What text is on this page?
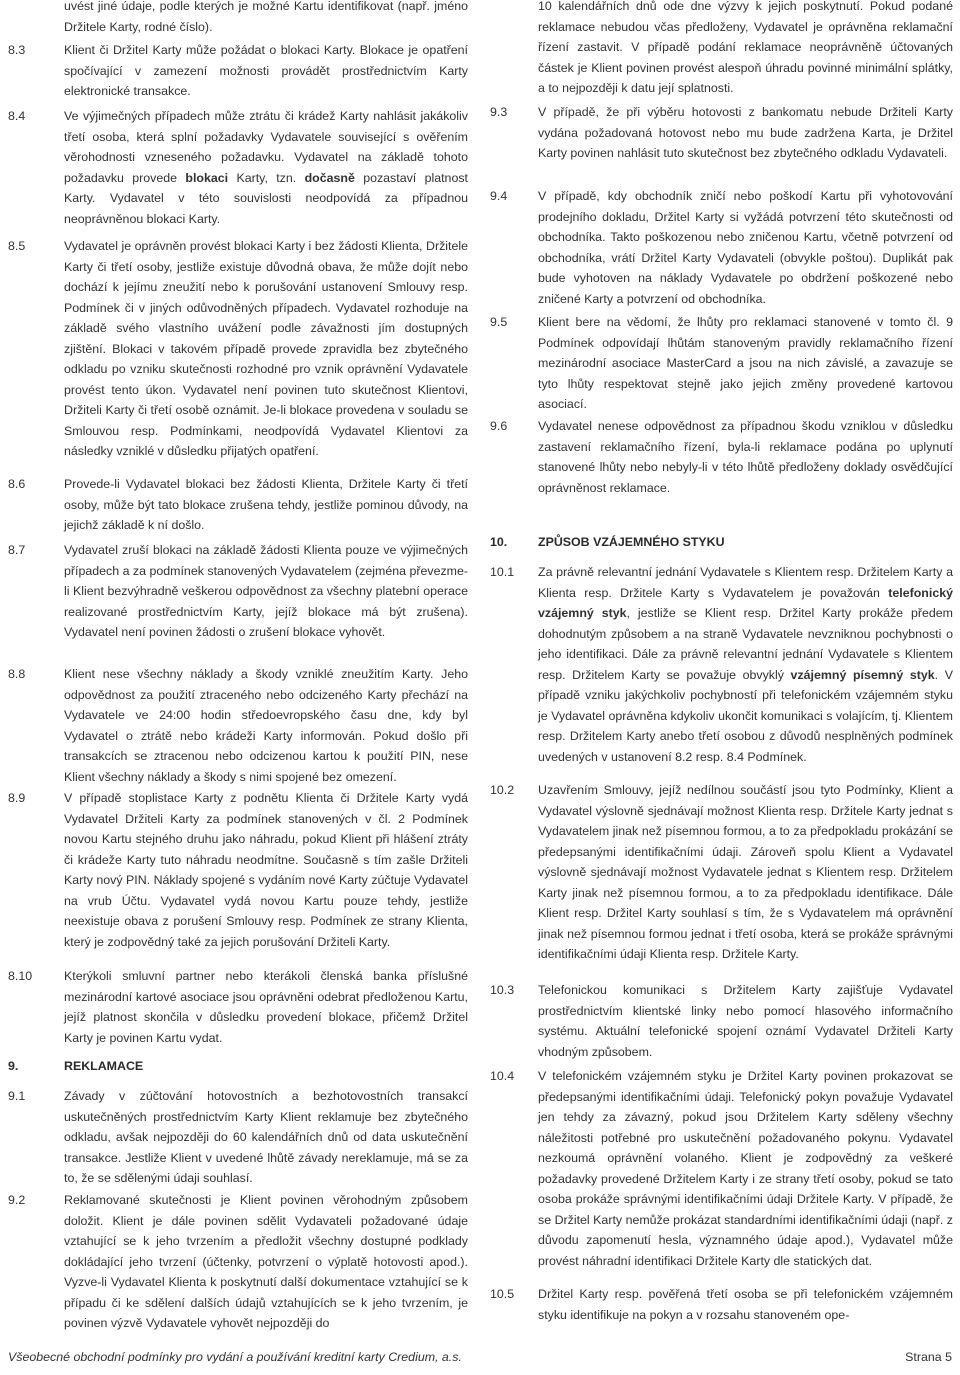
uvést jiné údaje, podle kterých je možné Kartu identifikovat (např. jméno Držitele Karty, rodné číslo).
8.3	Klient či Držitel Karty může požádat o blokaci Karty. Blokace je opatření spočívající v zamezení možnosti provádět prostřednictvím Karty elektronické transakce.
8.4	Ve výjimečných případech může ztrátu či krádež Karty nahlásit jakákoliv třetí osoba, která splní požadavky Vydavatele související s ověřením věrohodnosti vzneseného požadavku. Vydavatel na základě tohoto požadavku provede blokaci Karty, tzn. dočasně pozastaví platnost Karty. Vydavatel v této souvislosti neodpovídá za případnou neoprávněnou blokaci Karty.
8.5	Vydavatel je oprávněn provést blokaci Karty i bez žádosti Klienta, Držitele Karty či třetí osoby, jestliže existuje důvodná obava, že může dojít nebo dochází k jejímu zneužití nebo k porušování ustanovení Smlouvy resp. Podmínek či v jiných odůvodněných případech. Vydavatel rozhoduje na základě svého vlastního uvážení podle závažnosti jím dostupných zjištění. Blokaci v takovém případě provede zpravidla bez zbytečného odkladu po vzniku skutečnosti rozhodné pro vznik oprávnění Vydavatele provést tento úkon. Vydavatel není povinen tuto skutečnost Klientovi, Držiteli Karty či třetí osobě oznámit. Je-li blokace provedena v souladu se Smlouvou resp. Podmínkami, neodpovídá Vydavatel Klientovi za následky vzniklé v důsledku přijatých opatření.
8.6	Provede-li Vydavatel blokaci bez žádosti Klienta, Držitele Karty či třetí osoby, může být tato blokace zrušena tehdy, jestliže pominou důvody, na jejichž základě k ní došlo.
8.7	Vydavatel zruší blokaci na základě žádosti Klienta pouze ve výjimečných případech a za podmínek stanovených Vydavatelem (zejména převezme-li Klient bezvýhradně veškerou odpovědnost za všechny platební operace realizované prostřednictvím Karty, jejíž blokace má být zrušena). Vydavatel není povinen žádosti o zrušení blokace vyhovět.
8.8	Klient nese všechny náklady a škody vzniklé zneužitím Karty. Jeho odpovědnost za použití ztraceného nebo odcizeného Karty přechází na Vydavatele ve 24:00 hodin středoevropského času dne, kdy byl Vydavatel o ztrátě nebo krádeži Karty informován. Pokud došlo při transakcích se ztracenou nebo odcizenou kartou k použití PIN, nese Klient všechny náklady a škody s nimi spojené bez omezení.
8.9	V případě stoplistace Karty z podnětu Klienta či Držitele Karty vydá Vydavatel Držiteli Karty za podmínek stanovených v čl. 2 Podmínek novou Kartu stejného druhu jako náhradu, pokud Klient při hlášení ztráty či krádeže Karty tuto náhradu neodmítne. Současně s tím zašle Držiteli Karty nový PIN. Náklady spojené s vydáním nové Karty zúčtuje Vydavatel na vrub Účtu. Vydavatel vydá novou Kartu pouze tehdy, jestliže neexistuje obava z porušení Smlouvy resp. Podmínek ze strany Klienta, který je zodpovědný také za jejich porušování Držiteli Karty.
8.10	Kterýkoli smluvní partner nebo kterákoli členská banka příslušné mezinárodní kartové asociace jsou oprávněni odebrat předloženou Kartu, jejíž platnost skončila v důsledku provedení blokace, přičemž Držitel Karty je povinen Kartu vydat.
9.	REKLAMACE
9.1	Závady v zúčtování hotovostních a bezhotovostních transakcí uskutečněných prostřednictvím Karty Klient reklamuje bez zbytečného odkladu, avšak nejpozději do 60 kalendářních dnů od data uskutečnění transakce. Jestliže Klient v uvedené lhůtě závady nereklamuje, má se za to, že se sdělenými údaji souhlasí.
9.2	Reklamované skutečnosti je Klient povinen věrohodným způsobem doložit. Klient je dále povinen sdělit Vydavateli požadované údaje vztahující se k jeho tvrzením a předložit všechny dostupné podklady dokládající jeho tvrzení (účtenky, potvrzení o výplatě hotovosti apod.). Vyzve-li Vydavatel Klienta k poskytnutí další dokumentace vztahující se k případu či ke sdělení dalších údajů vztahujících se k jeho tvrzením, je povinen výzvě Vydavatele vyhovět nejpozději do
10 kalendářních dnů ode dne výzvy k jejich poskytnutí. Pokud podané reklamace nebudou včas předloženy, Vydavatel je oprávněna reklamační řízení zastavit. V případě podání reklamace neoprávněně účtovaných částek je Klient povinen provést alespoň úhradu povinné minimální splátky, a to nejpozději k datu její splatnosti.
9.3 V případě, že při výběru hotovosti z bankomatu nebude Držiteli Karty vydána požadovaná hotovost nebo mu bude zadržena Karta, je Držitel Karty povinen nahlásit tuto skutečnost bez zbytečného odkladu Vydavateli.
9.4 V případě, kdy obchodník zničí nebo poškodí Kartu při vyhotovování prodejního dokladu, Držitel Karty si vyžádá potvrzení této skutečnosti od obchodníka. Takto poškozenou nebo zničenou Kartu, včetně potvrzení od obchodníka, vrátí Držitel Karty Vydavateli (obvykle poštou). Duplikát pak bude vyhotoven na náklady Vydavatele po obdržení poškozené nebo zničené Karty a potvrzení od obchodníka.
9.5 Klient bere na vědomí, že lhůty pro reklamaci stanovené v tomto čl. 9 Podmínek odpovídají lhůtám stanoveným pravidly reklamačního řízení mezinárodní asociace MasterCard a jsou na nich závislé, a zavazuje se tyto lhůty respektovat stejně jako jejich změny provedené kartovou asociací.
9.6 Vydavatel nenese odpovědnost za případnou škodu vzniklou v důsledku zastavení reklamačního řízení, byla-li reklamace podána po uplynutí stanovené lhůty nebo nebyly-li v této lhůtě předloženy doklady osvědčující oprávněnost reklamace.
10. ZPŮSOB VZÁJEMNÉHO STYKU
10.1 Za právně relevantní jednání Vydavatele s Klientem resp. Držitelem Karty a Klienta resp. Držitele Karty s Vydavatelem je považován telefonický vzájemný styk, jestliže se Klient resp. Držitel Karty prokáže předem dohodnutým způsobem a na straně Vydavatele nevzniknou pochybnosti o jeho identifikaci. Dále za právně relevantní jednání Vydavatele s Klientem resp. Držitelem Karty se považuje obvyklý vzájemný písemný styk. V případě vzniku jakýchkoliv pochybností při telefonickém vzájemném styku je Vydavatel oprávněna kdykoliv ukončit komunikaci s volajícím, tj. Klientem resp. Držitelem Karty anebo třetí osobou z důvodů nesplněných podmínek uvedených v ustanovení 8.2 resp. 8.4 Podmínek.
10.2 Uzavřením Smlouvy, jejíž nedílnou součástí jsou tyto Podmínky, Klient a Vydavatel výslovně sjednávají možnost Klienta resp. Držitele Karty jednat s Vydavatelem jinak než písemnou formou, a to za předpokladu prokázání se předepsanými identifikačními údaji. Zároveň spolu Klient a Vydavatel výslovně sjednávají možnost Vydavatele jednat s Klientem resp. Držitelem Karty jinak než písemnou formou, a to za předpokladu identifikace. Dále Klient resp. Držitel Karty souhlasí s tím, že s Vydavatelem má oprávnění jinak než písemnou formou jednat i třetí osoba, která se prokáže správnými identifikačními údaji Klienta resp. Držitele Karty.
10.3 Telefonickou komunikaci s Držitelem Karty zajišťuje Vydavatel prostřednictvím klientské linky nebo pomocí hlasového informačního systému. Aktuální telefonické spojení oznámí Vydavatel Držiteli Karty vhodným způsobem.
10.4 V telefonickém vzájemném styku je Držitel Karty povinen prokazovat se předepsanými identifikačními údaji. Telefonický pokyn považuje Vydavatel jen tehdy za závazný, pokud jsou Držitelem Karty sděleny všechny náležitosti potřebné pro uskutečnění požadovaného pokynu. Vydavatel nezkoumá oprávnění volaného. Klient je zodpovědný za veškeré požadavky provedené Držitelem Karty i ze strany třetí osoby, pokud se tato osoba prokáže správnými identifikačními údaji Držitele Karty. V případě, že se Držitel Karty nemůže prokázat standardními identifikačními údaji (např. z důvodu zapomenutí hesla, významného údaje apod.), Vydavatel může provést náhradní identifikaci Držitele Karty dle statických dat.
10.5 Držitel Karty resp. pověřená třetí osoba se při telefonickém vzájemném styku identifikuje na pokyn a v rozsahu stanoveném ope-
Všeobecné obchodní podmínky pro vydání a používání kreditní karty Credium, a.s.	Strana 5
